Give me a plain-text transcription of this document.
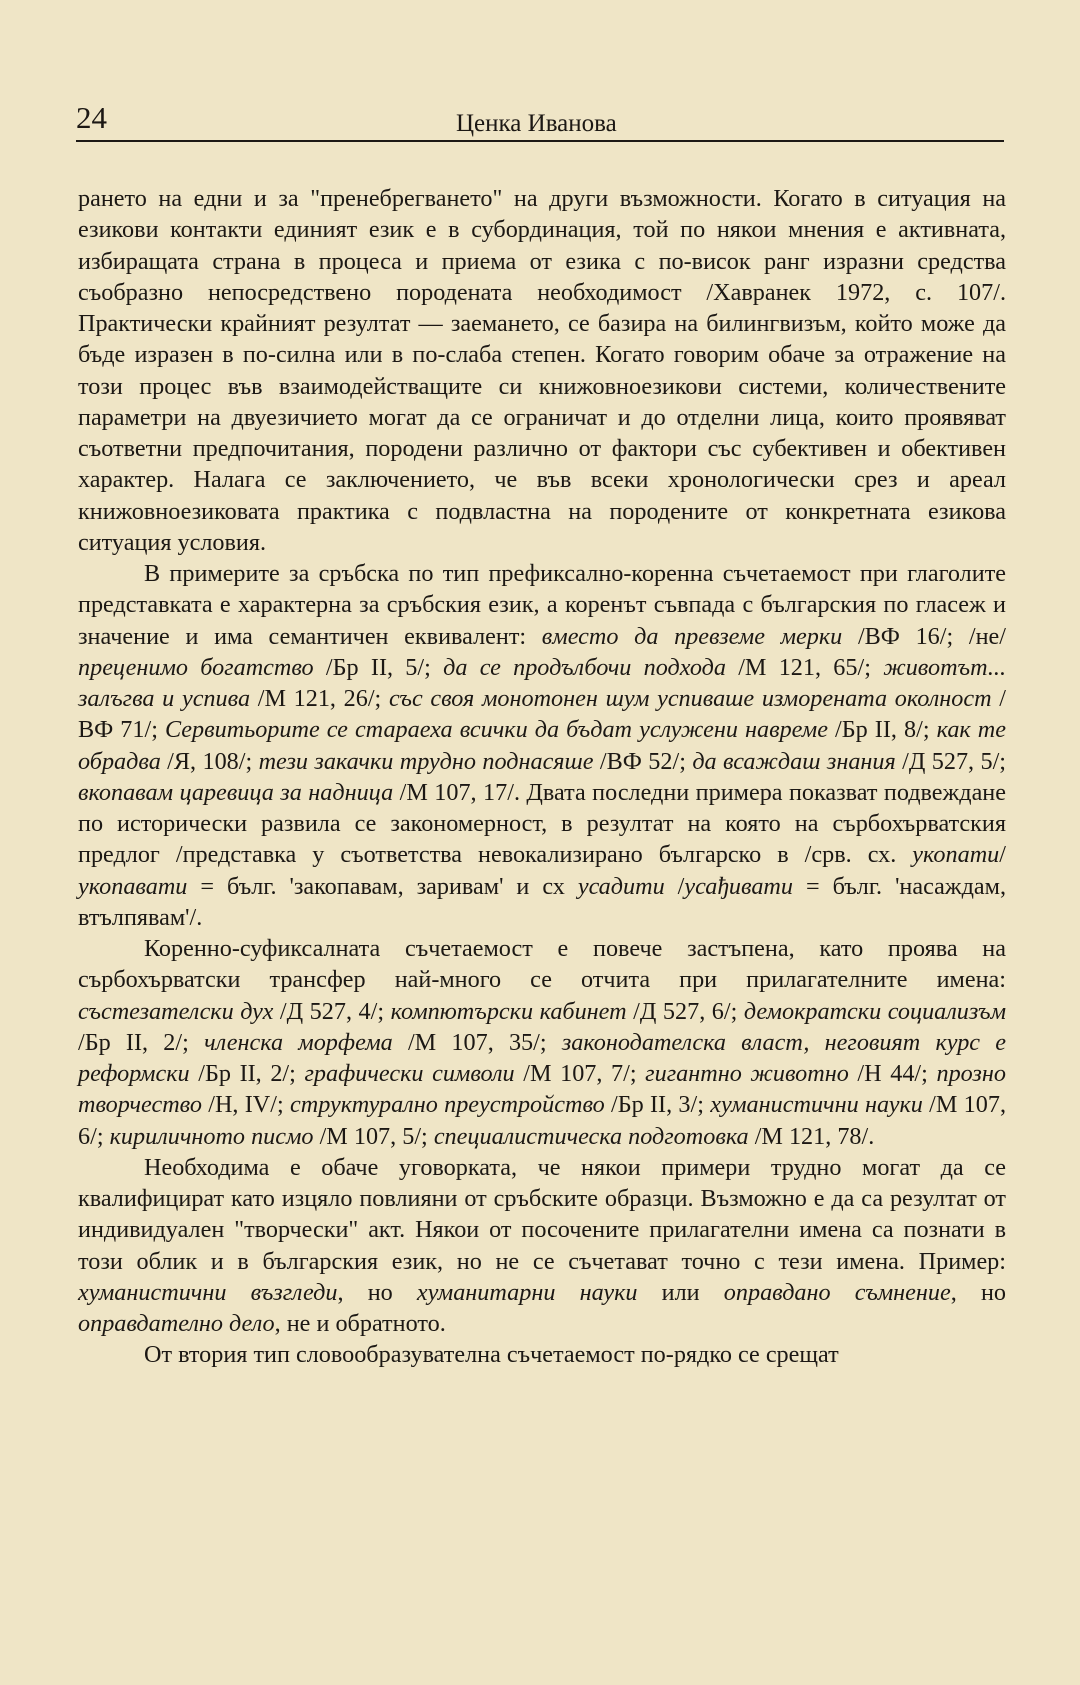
24	Ценка Иванова

рането на едни и за "пренебрегването" на други възможности. Когато в ситуация на езикови контакти единият език е в субординация, той по някои мнения е активната, избиращата страна в процеса и приема от езика с по-висок ранг изразни средства съобразно непосредствено породената необходимост /Хавранек 1972, с. 107/. Практически крайният резултат — заемането, се базира на билингвизъм, който може да бъде изразен в по-силна или в по-слаба степен. Когато говорим обаче за отражение на този процес във взаимодействащите си книжовноезикови системи, количествените параметри на двуезичието могат да се ограничат и до отделни лица, които проявяват съответни предпочитания, породени различно от фактори със субективен и обективен характер. Налага се заключението, че във всеки хронологически срез и ареал книжовноезиковата практика с подвластна на породените от конкретната езикова ситуация условия.

В примерите за сръбска по тип префиксално-коренна съчетаемост при глаголите представката е характерна за сръбския език, а коренът съвпада с българския по гласеж и значение и има семантичен еквивалент: вместо да превземе мерки /ВФ 16/; /не/преценимо богатство /Бр II, 5/; да се продълбочи подхода /М 121, 65/; животът... залъгва и успива /М 121, 26/; със своя монотонен шум успиваше изморената околност /ВФ 71/; Сервитьорите се стараеха всички да бъдат услужени навреме /Бр II, 8/; как те обрадва /Я, 108/; тези закачки трудно поднасяше /ВФ 52/; да всаждаш знания /Д 527, 5/; вкопавам царевица за надница /М 107, 17/. Двата последни примера показват подвеждане по исторически развила се закономерност, в резултат на която на сърбохърватския предлог /представка у съответства невокализирано българско в /срв. сх. укопати/ укопавати = бълг. 'закопавам, заривам' и сх усадити /усађивати = бълг. 'насаждам, втълпявам'/.

Коренно-суфиксалната съчетаемост е повече застъпена, като проява на сърбохърватски трансфер най-много се отчита при прилагателните имена: състезателски дух /Д 527, 4/; компютърски кабинет /Д 527, 6/; демократски социализъм /Бр II, 2/; членска морфема /М 107, 35/; законодателска власт, неговият курс е реформски /Бр II, 2/; графически символи /М 107, 7/; гигантно животно /Н 44/; прозно творчество /Н, IV/; структурално преустройство /Бр II, 3/; хуманистични науки /М 107, 6/; кириличното писмо /М 107, 5/; специалистическа подготовка /М 121, 78/.

Необходима е обаче уговорката, че някои примери трудно могат да се квалифицират като изцяло повлияни от сръбските образци. Възможно е да са резултат от индивидуален "творчески" акт. Някои от посочените прилагателни имена са познати в този облик и в българския език, но не се съчетават точно с тези имена. Пример: хуманистични възгледи, но хуманитарни науки или оправдано съмнение, но оправдателно дело, не и обратното.

От втория тип словообразувателна съчетаемост по-рядко се срещат
